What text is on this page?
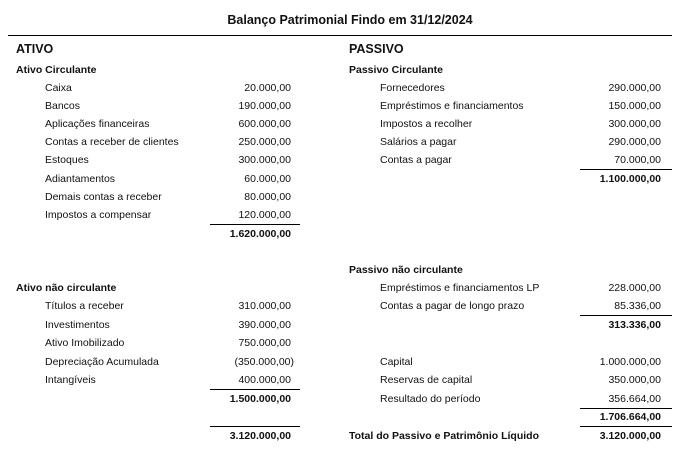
Balanço Patrimonial Findo em 31/12/2024
ATIVO
Ativo Circulante
Caixa	20.000,00
Bancos	190.000,00
Aplicações financeiras	600.000,00
Contas a receber de clientes	250.000,00
Estoques	300.000,00
Adiantamentos	60.000,00
Demais contas a receber	80.000,00
Impostos a compensar	120.000,00
1.620.000,00
Ativo não circulante
Títulos a receber	310.000,00
Investimentos	390.000,00
Ativo Imobilizado	750.000,00
Depreciação Acumulada	(350.000,00)
Intangíveis	400.000,00
1.500.000,00
3.120.000,00
PASSIVO
Passivo Circulante
Fornecedores	290.000,00
Empréstimos e financiamentos	150.000,00
Impostos a recolher	300.000,00
Salários a pagar	290.000,00
Contas a pagar	70.000,00
1.100.000,00
Passivo não circulante
Empréstimos e financiamentos LP	228.000,00
Contas a pagar de longo prazo	85.336,00
313.336,00
Capital	1.000.000,00
Reservas de capital	350.000,00
Resultado do período	356.664,00
1.706.664,00
Total do Passivo e Patrimônio Líquido	3.120.000,00
